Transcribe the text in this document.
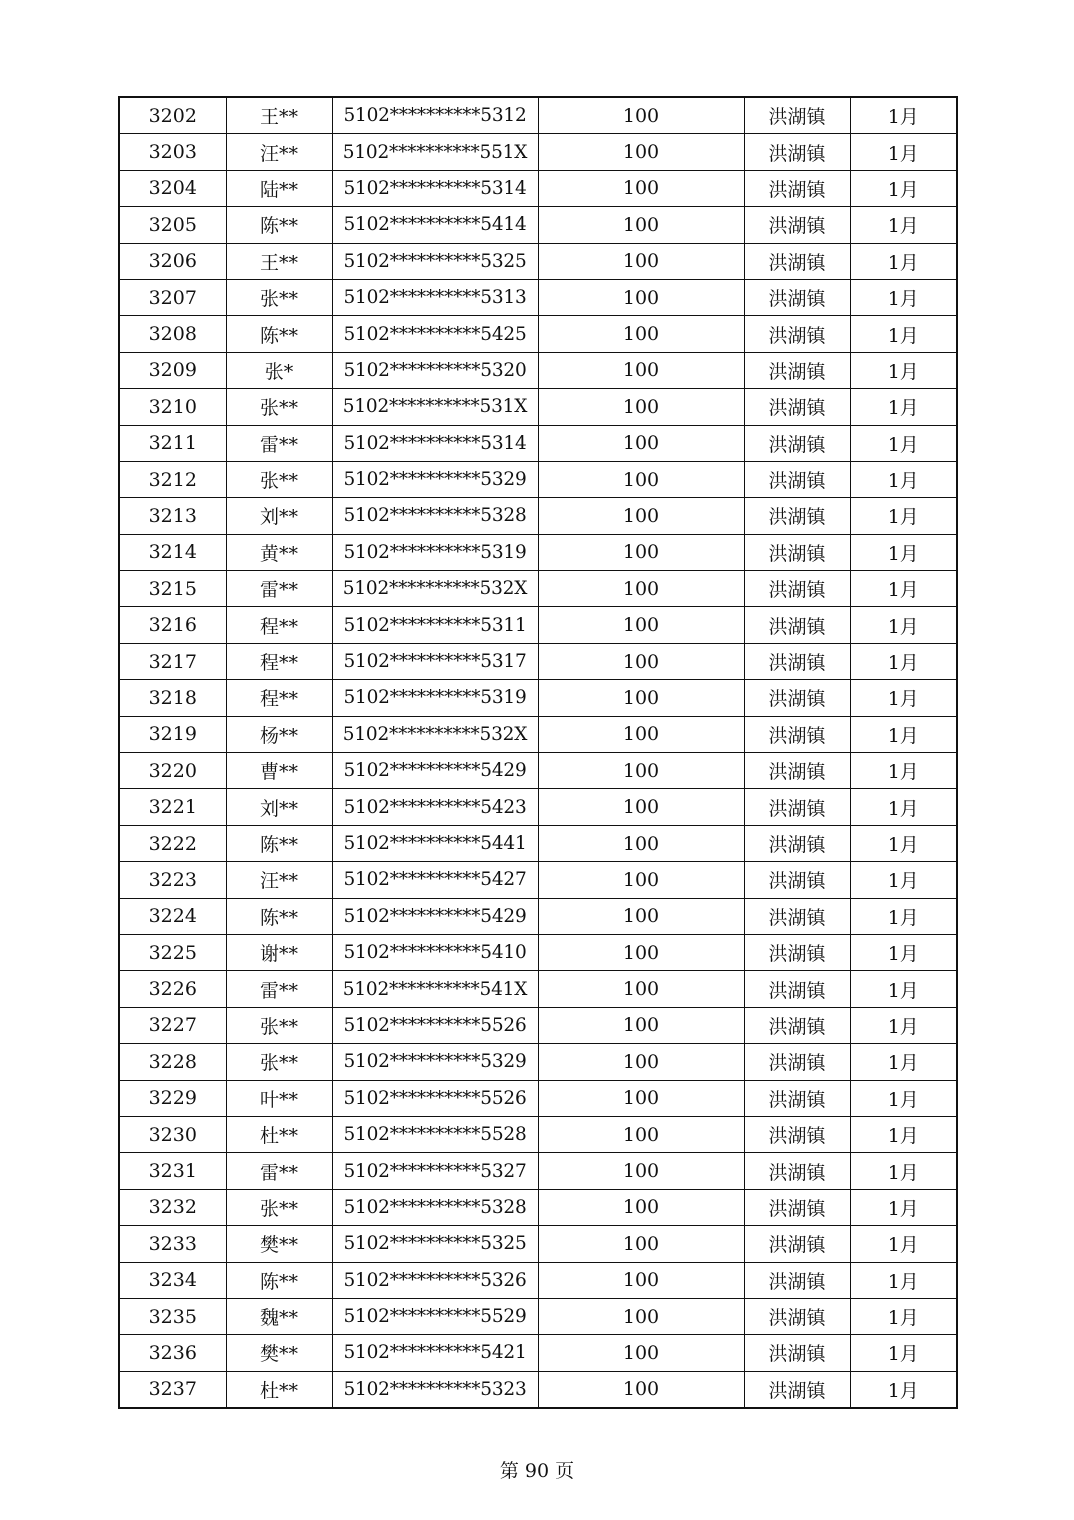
3202	王**	5102**********5312	100	洪湖镇	1月
3203	汪**	5102**********551X	100	洪湖镇	1月
3204	陆**	5102**********5314	100	洪湖镇	1月
3205	陈**	5102**********5414	100	洪湖镇	1月
3206	王**	5102**********5325	100	洪湖镇	1月
3207	张**	5102**********5313	100	洪湖镇	1月
3208	陈**	5102**********5425	100	洪湖镇	1月
3209	张*	5102**********5320	100	洪湖镇	1月
3210	张**	5102**********531X	100	洪湖镇	1月
3211	雷**	5102**********5314	100	洪湖镇	1月
3212	张**	5102**********5329	100	洪湖镇	1月
3213	刘**	5102**********5328	100	洪湖镇	1月
3214	黄**	5102**********5319	100	洪湖镇	1月
3215	雷**	5102**********532X	100	洪湖镇	1月
3216	程**	5102**********5311	100	洪湖镇	1月
3217	程**	5102**********5317	100	洪湖镇	1月
3218	程**	5102**********5319	100	洪湖镇	1月
3219	杨**	5102**********532X	100	洪湖镇	1月
3220	曹**	5102**********5429	100	洪湖镇	1月
3221	刘**	5102**********5423	100	洪湖镇	1月
3222	陈**	5102**********5441	100	洪湖镇	1月
3223	汪**	5102**********5427	100	洪湖镇	1月
3224	陈**	5102**********5429	100	洪湖镇	1月
3225	谢**	5102**********5410	100	洪湖镇	1月
3226	雷**	5102**********541X	100	洪湖镇	1月
3227	张**	5102**********5526	100	洪湖镇	1月
3228	张**	5102**********5329	100	洪湖镇	1月
3229	叶**	5102**********5526	100	洪湖镇	1月
3230	杜**	5102**********5528	100	洪湖镇	1月
3231	雷**	5102**********5327	100	洪湖镇	1月
3232	张**	5102**********5328	100	洪湖镇	1月
3233	樊**	5102**********5325	100	洪湖镇	1月
3234	陈**	5102**********5326	100	洪湖镇	1月
3235	魏**	5102**********5529	100	洪湖镇	1月
3236	樊**	5102**********5421	100	洪湖镇	1月
3237	杜**	5102**********5323	100	洪湖镇	1月
第 90 页
